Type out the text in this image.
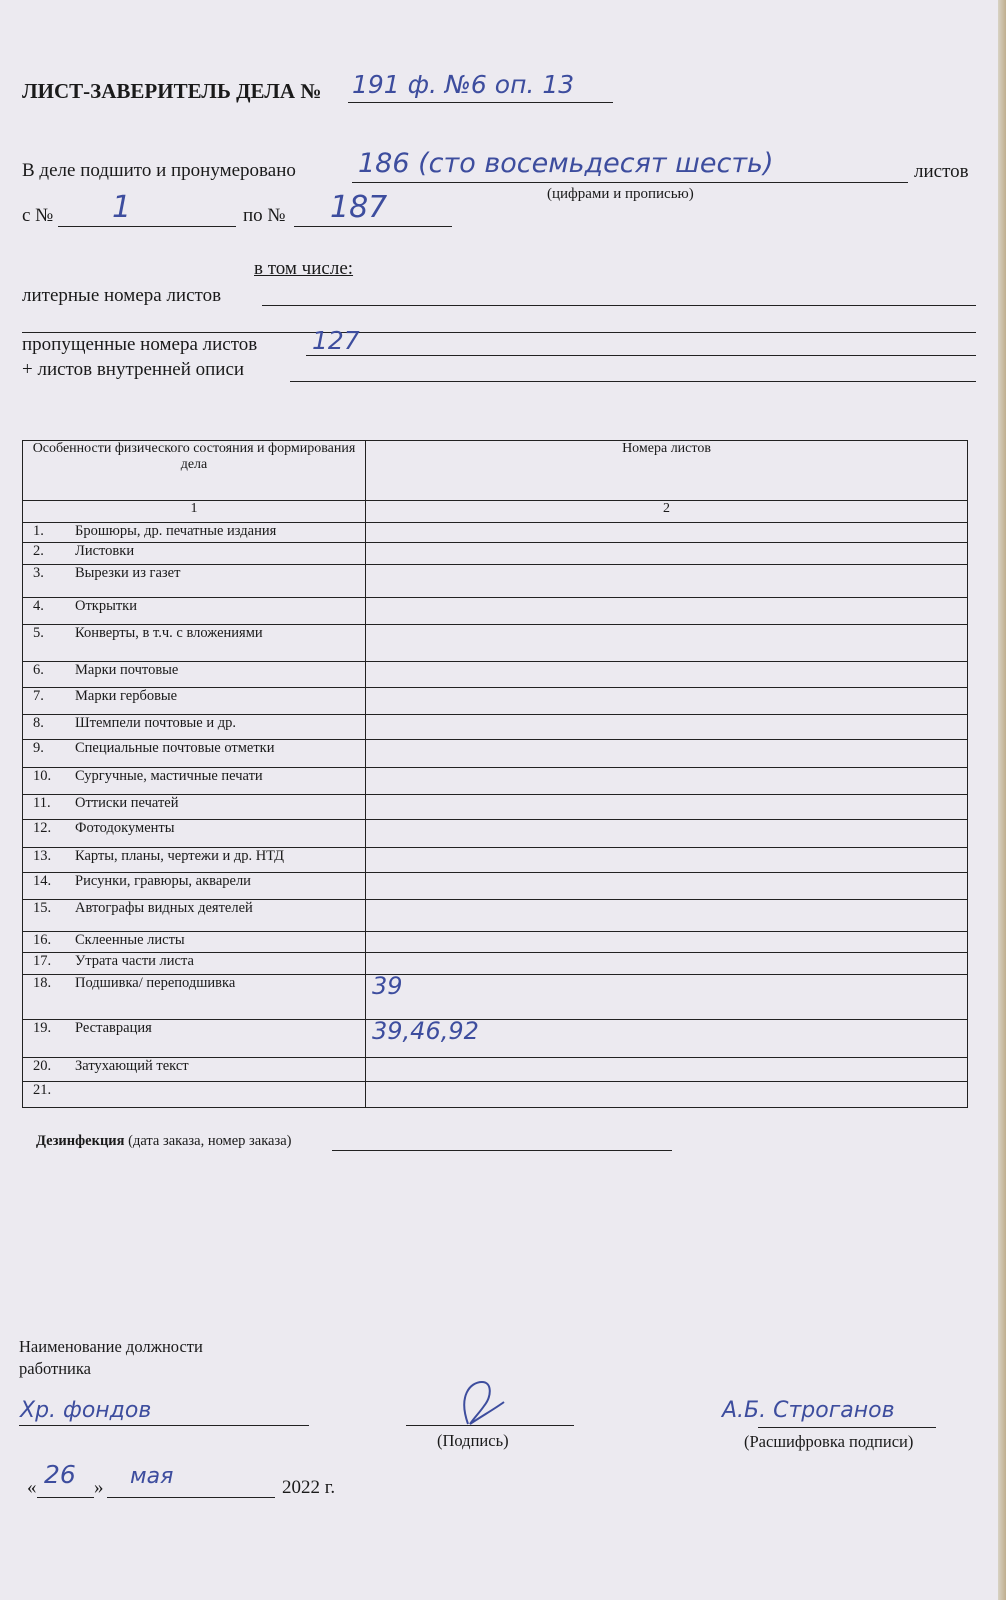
ЛИСТ-ЗАВЕРИТЕЛЬ ДЕЛА № 191 ф. №6 оп. 13
В деле подшито и пронумеровано 186 (сто восемьдесят шесть)	листов
(цифрами и прописью)
с № 1	по № 187
в том числе:
литерные номера листов
пропущенные номера листов 127
+ листов внутренней описи
Особенности физического состояния и формирования дела	Номера листов
1	2
1. Брошюры, др. печатные издания	
2. Листовки	
3. Вырезки из газет	
4. Открытки	
5. Конверты, в т.ч. с вложениями	
6. Марки почтовые	
7. Марки гербовые	
8. Штемпели почтовые и др.	
9. Специальные почтовые отметки	
10. Сургучные, мастичные печати	
11. Оттиски печатей	
12. Фотодокументы	
13. Карты, планы, чертежи и др. НТД	
14. Рисунки, гравюры, акварели	
15. Автографы видных деятелей	
16. Склеенные листы	
17. Утрата части листа	
18. Подшивка/ переподшивка	39
19. Реставрация	39,46,92
20. Затухающий текст	
21.	
Дезинфекция (дата заказа, номер заказа)
Наименование должности
работника
Хр. фондов
(Подпись)
А.Б. Строганов
(Расшифровка подписи)
« 26 » мая	2022 г.
